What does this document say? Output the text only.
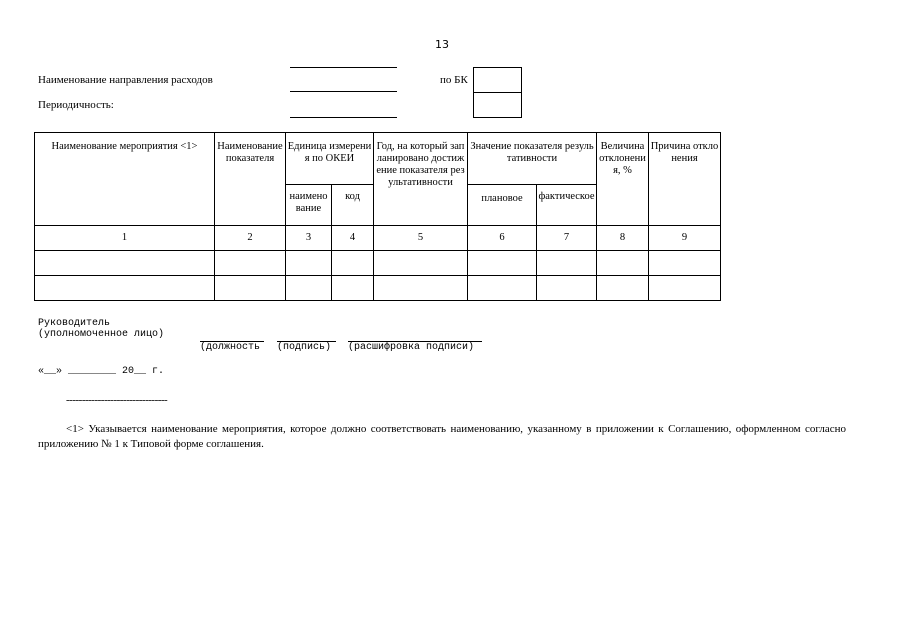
13
Наименование направления расходов
Периодичность:
по БК
Наименование мероприятия <1>	Наименование показателя	Единица измерения по ОКЕИ		Год, на который запланировано достижение показателя результативности	Значение показателя результативности		Величина отклонения, %	Причина отклонения
		наименование	код		плановое	фактическое		
1	2	3	4	5	6	7	8	9

Руководитель
(уполномоченное лицо)
(должность (подпись) (расшифровка подписи)
«__» ________ 20__ г.
--------------------------------
<1> Указывается наименование мероприятия, которое должно соответствовать наименованию, указанному в приложении к Соглашению, оформленном согласно приложению № 1 к Типовой форме соглашения.
